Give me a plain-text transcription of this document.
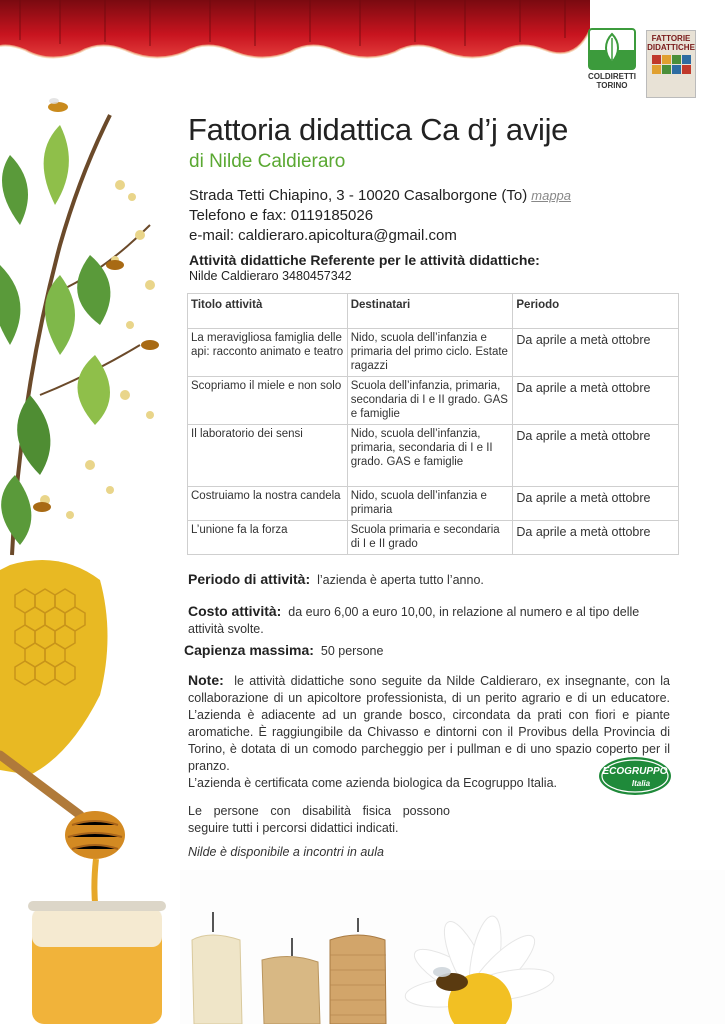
COLDIRETTI TORINO
FATTORIE DIDATTICHE
Fattoria didattica Ca d’j avije
di Nilde Caldieraro
Strada Tetti Chiapino, 3 - 10020 Casalborgone (To) mappa
Telefono e fax: 0119185026
e-mail: caldieraro.apicoltura@gmail.com
Attività didattiche Referente per le attività didattiche:
Nilde Caldieraro 3480457342
Titolo attività	Destinatari	Periodo
La meravigliosa famiglia delle api: racconto animato e teatro	Nido, scuola dell’infanzia e primaria del primo ciclo. Estate ragazzi	Da aprile a metà ottobre
Scopriamo il miele e non solo	Scuola dell’infanzia, primaria, secondaria di I e II grado. GAS e famiglie	Da aprile a metà ottobre
Il laboratorio dei sensi	Nido, scuola dell’infanzia, primaria, secondaria di I e II grado. GAS e famiglie	Da aprile a metà ottobre
Costruiamo la nostra candela	Nido, scuola dell’infanzia e primaria	Da aprile a metà ottobre
L’unione fa la forza	Scuola primaria e secondaria di I e II grado	Da aprile a metà ottobre
Periodo di attività: l’azienda è aperta tutto l’anno.
Costo attività: da euro 6,00 a euro 10,00, in relazione al numero e al tipo delle attività svolte.
Capienza massima: 50 persone
Note: le attività didattiche sono seguite da Nilde Caldieraro, ex insegnante, con la collaborazione di un apicoltore professionista, di un perito agrario e di un educatore. L’azienda è adiacente ad un grande bosco, circondata da prati con fiori e piante aromatiche. È raggiungibile da Chivasso e dintorni con il Provibus della Provincia di Torino, è dotata di un comodo parcheggio per i pullman e di uno spazio coperto per il pranzo.
L’azienda è certificata come azienda biologica da Ecogruppo Italia.
ECOGRUPPO
Italia
Le persone con disabilità fisica possono seguire tutti i percorsi didattici indicati.
Nilde è disponibile a incontri in aula
